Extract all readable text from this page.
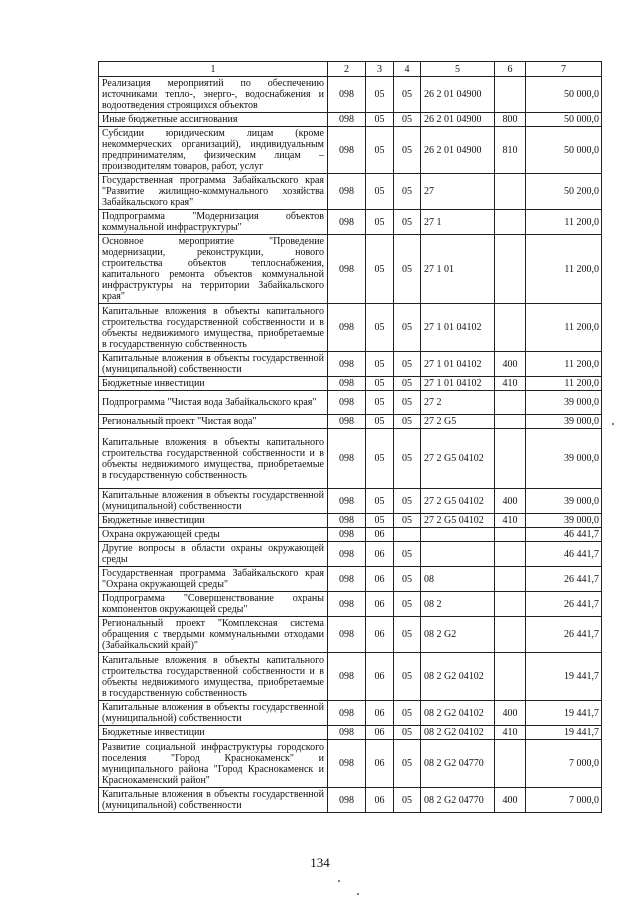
1	2	3	4	5	6	7
Реализация мероприятий по обеспечению источниками тепло-, энерго-, водоснабжения и водоотведения строящихся объектов	098	05	05	26 2 01 04900		50 000,0
Иные бюджетные ассигнования	098	05	05	26 2 01 04900	800	50 000,0
Субсидии юридическим лицам (кроме некоммерческих организаций), индивидуальным предпринимателям, физическим лицам – производителям товаров, работ, услуг	098	05	05	26 2 01 04900	810	50 000,0
Государственная программа Забайкальского края "Развитие жилищно-коммунального хозяйства Забайкальского края"	098	05	05	27		50 200,0
Подпрограмма "Модернизация объектов коммунальной инфраструктуры"	098	05	05	27 1		11 200,0
Основное мероприятие "Проведение модернизации, реконструкции, нового строительства объектов теплоснабжения, капитального ремонта объектов коммунальной инфраструктуры на территории Забайкальского края"	098	05	05	27 1 01		11 200,0
Капитальные вложения в объекты капитального строительства государственной собственности и в объекты недвижимого имущества, приобретаемые в государственную собственность	098	05	05	27 1 01 04102		11 200,0
Капитальные вложения в объекты государственной (муниципальной) собственности	098	05	05	27 1 01 04102	400	11 200,0
Бюджетные инвестиции	098	05	05	27 1 01 04102	410	11 200,0
Подпрограмма "Чистая вода Забайкальского края"	098	05	05	27 2		39 000,0
Региональный проект "Чистая вода"	098	05	05	27 2 G5		39 000,0
Капитальные вложения в объекты капитального строительства государственной собственности и в объекты недвижимого имущества, приобретаемые в государственную собственность	098	05	05	27 2 G5 04102		39 000,0
Капитальные вложения в объекты государственной (муниципальной) собственности	098	05	05	27 2 G5 04102	400	39 000,0
Бюджетные инвестиции	098	05	05	27 2 G5 04102	410	39 000,0
Охрана окружающей среды	098	06				46 441,7
Другие вопросы в области охраны окружающей среды	098	06	05			46 441,7
Государственная программа Забайкальского края "Охрана окружающей среды"	098	06	05	08		26 441,7
Подпрограмма "Совершенствование охраны компонентов окружающей среды"	098	06	05	08 2		26 441,7
Региональный проект "Комплексная система обращения с твердыми коммунальными отходами (Забайкальский край)"	098	06	05	08 2 G2		26 441,7
Капитальные вложения в объекты капитального строительства государственной собственности и в объекты недвижимого имущества, приобретаемые в государственную собственность	098	06	05	08 2 G2 04102		19 441,7
Капитальные вложения в объекты государственной (муниципальной) собственности	098	06	05	08 2 G2 04102	400	19 441,7
Бюджетные инвестиции	098	06	05	08 2 G2 04102	410	19 441,7
Развитие социальной инфраструктуры городского поселения "Город Краснокаменск" и муниципального района "Город Краснокаменск и Краснокаменский район"	098	06	05	08 2 G2 04770		7 000,0
Капитальные вложения в объекты государственной (муниципальной) собственности	098	06	05	08 2 G2 04770	400	7 000,0
134
